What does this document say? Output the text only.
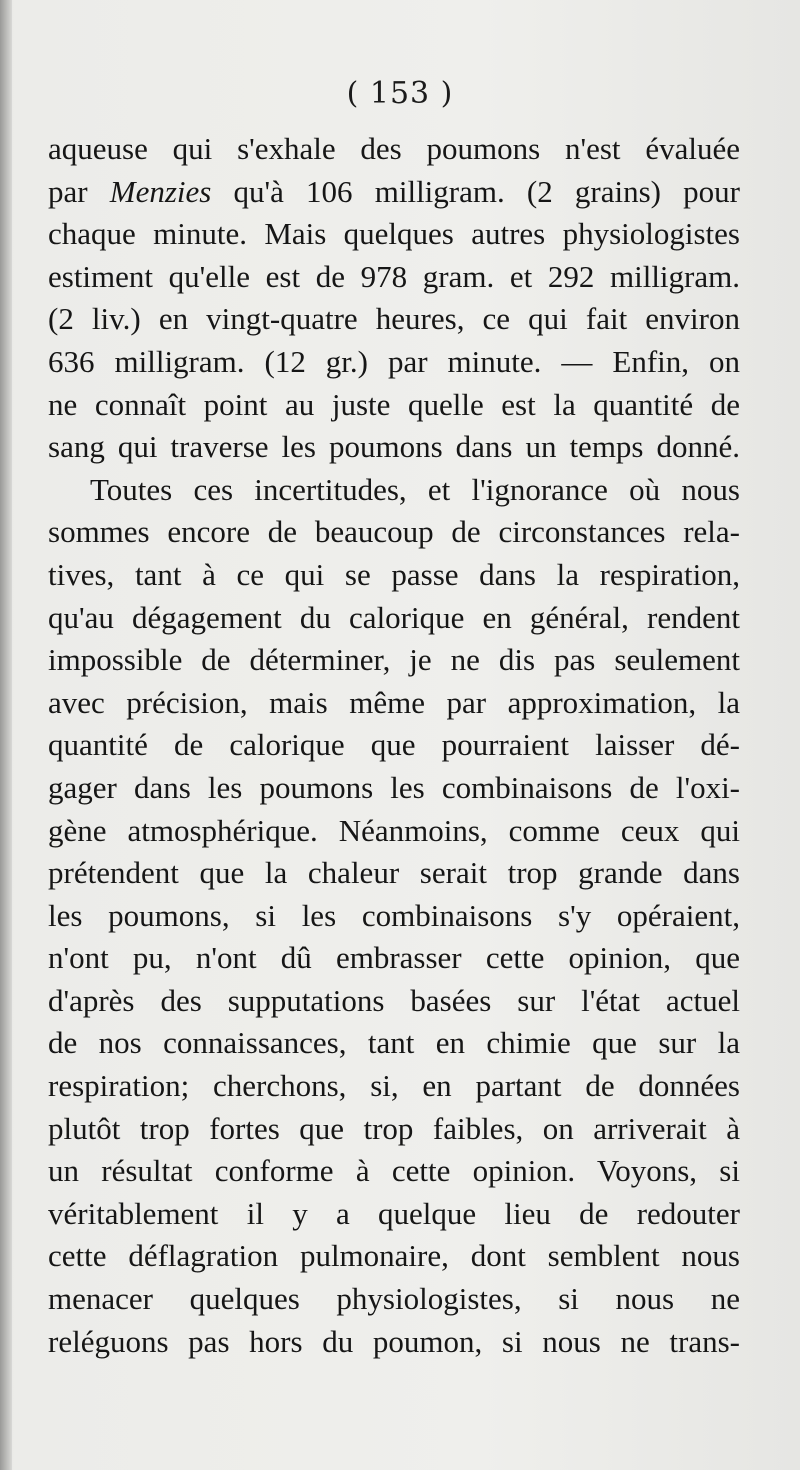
( 153 )
aqueuse qui s'exhale des poumons n'est évaluée
par Menzies qu'à 106 milligram. (2 grains) pour
chaque minute. Mais quelques autres physiologistes
estiment qu'elle est de 978 gram. et 292 milligram.
(2 liv.) en vingt-quatre heures, ce qui fait environ
636 milligram. (12 gr.) par minute. — Enfin, on
ne connaît point au juste quelle est la quantité de
sang qui traverse les poumons dans un temps donné.
Toutes ces incertitudes, et l'ignorance où nous
sommes encore de beaucoup de circonstances rela-
tives, tant à ce qui se passe dans la respiration,
qu'au dégagement du calorique en général, rendent
impossible de déterminer, je ne dis pas seulement
avec précision, mais même par approximation, la
quantité de calorique que pourraient laisser dé-
gager dans les poumons les combinaisons de l'oxi-
gène atmosphérique. Néanmoins, comme ceux qui
prétendent que la chaleur serait trop grande dans
les poumons, si les combinaisons s'y opéraient,
n'ont pu, n'ont dû embrasser cette opinion, que
d'après des supputations basées sur l'état actuel
de nos connaissances, tant en chimie que sur la
respiration; cherchons, si, en partant de données
plutôt trop fortes que trop faibles, on arriverait à
un résultat conforme à cette opinion. Voyons, si
véritablement il y a quelque lieu de redouter
cette déflagration pulmonaire, dont semblent nous
menacer quelques physiologistes, si nous ne
reléguons pas hors du poumon, si nous ne trans-
